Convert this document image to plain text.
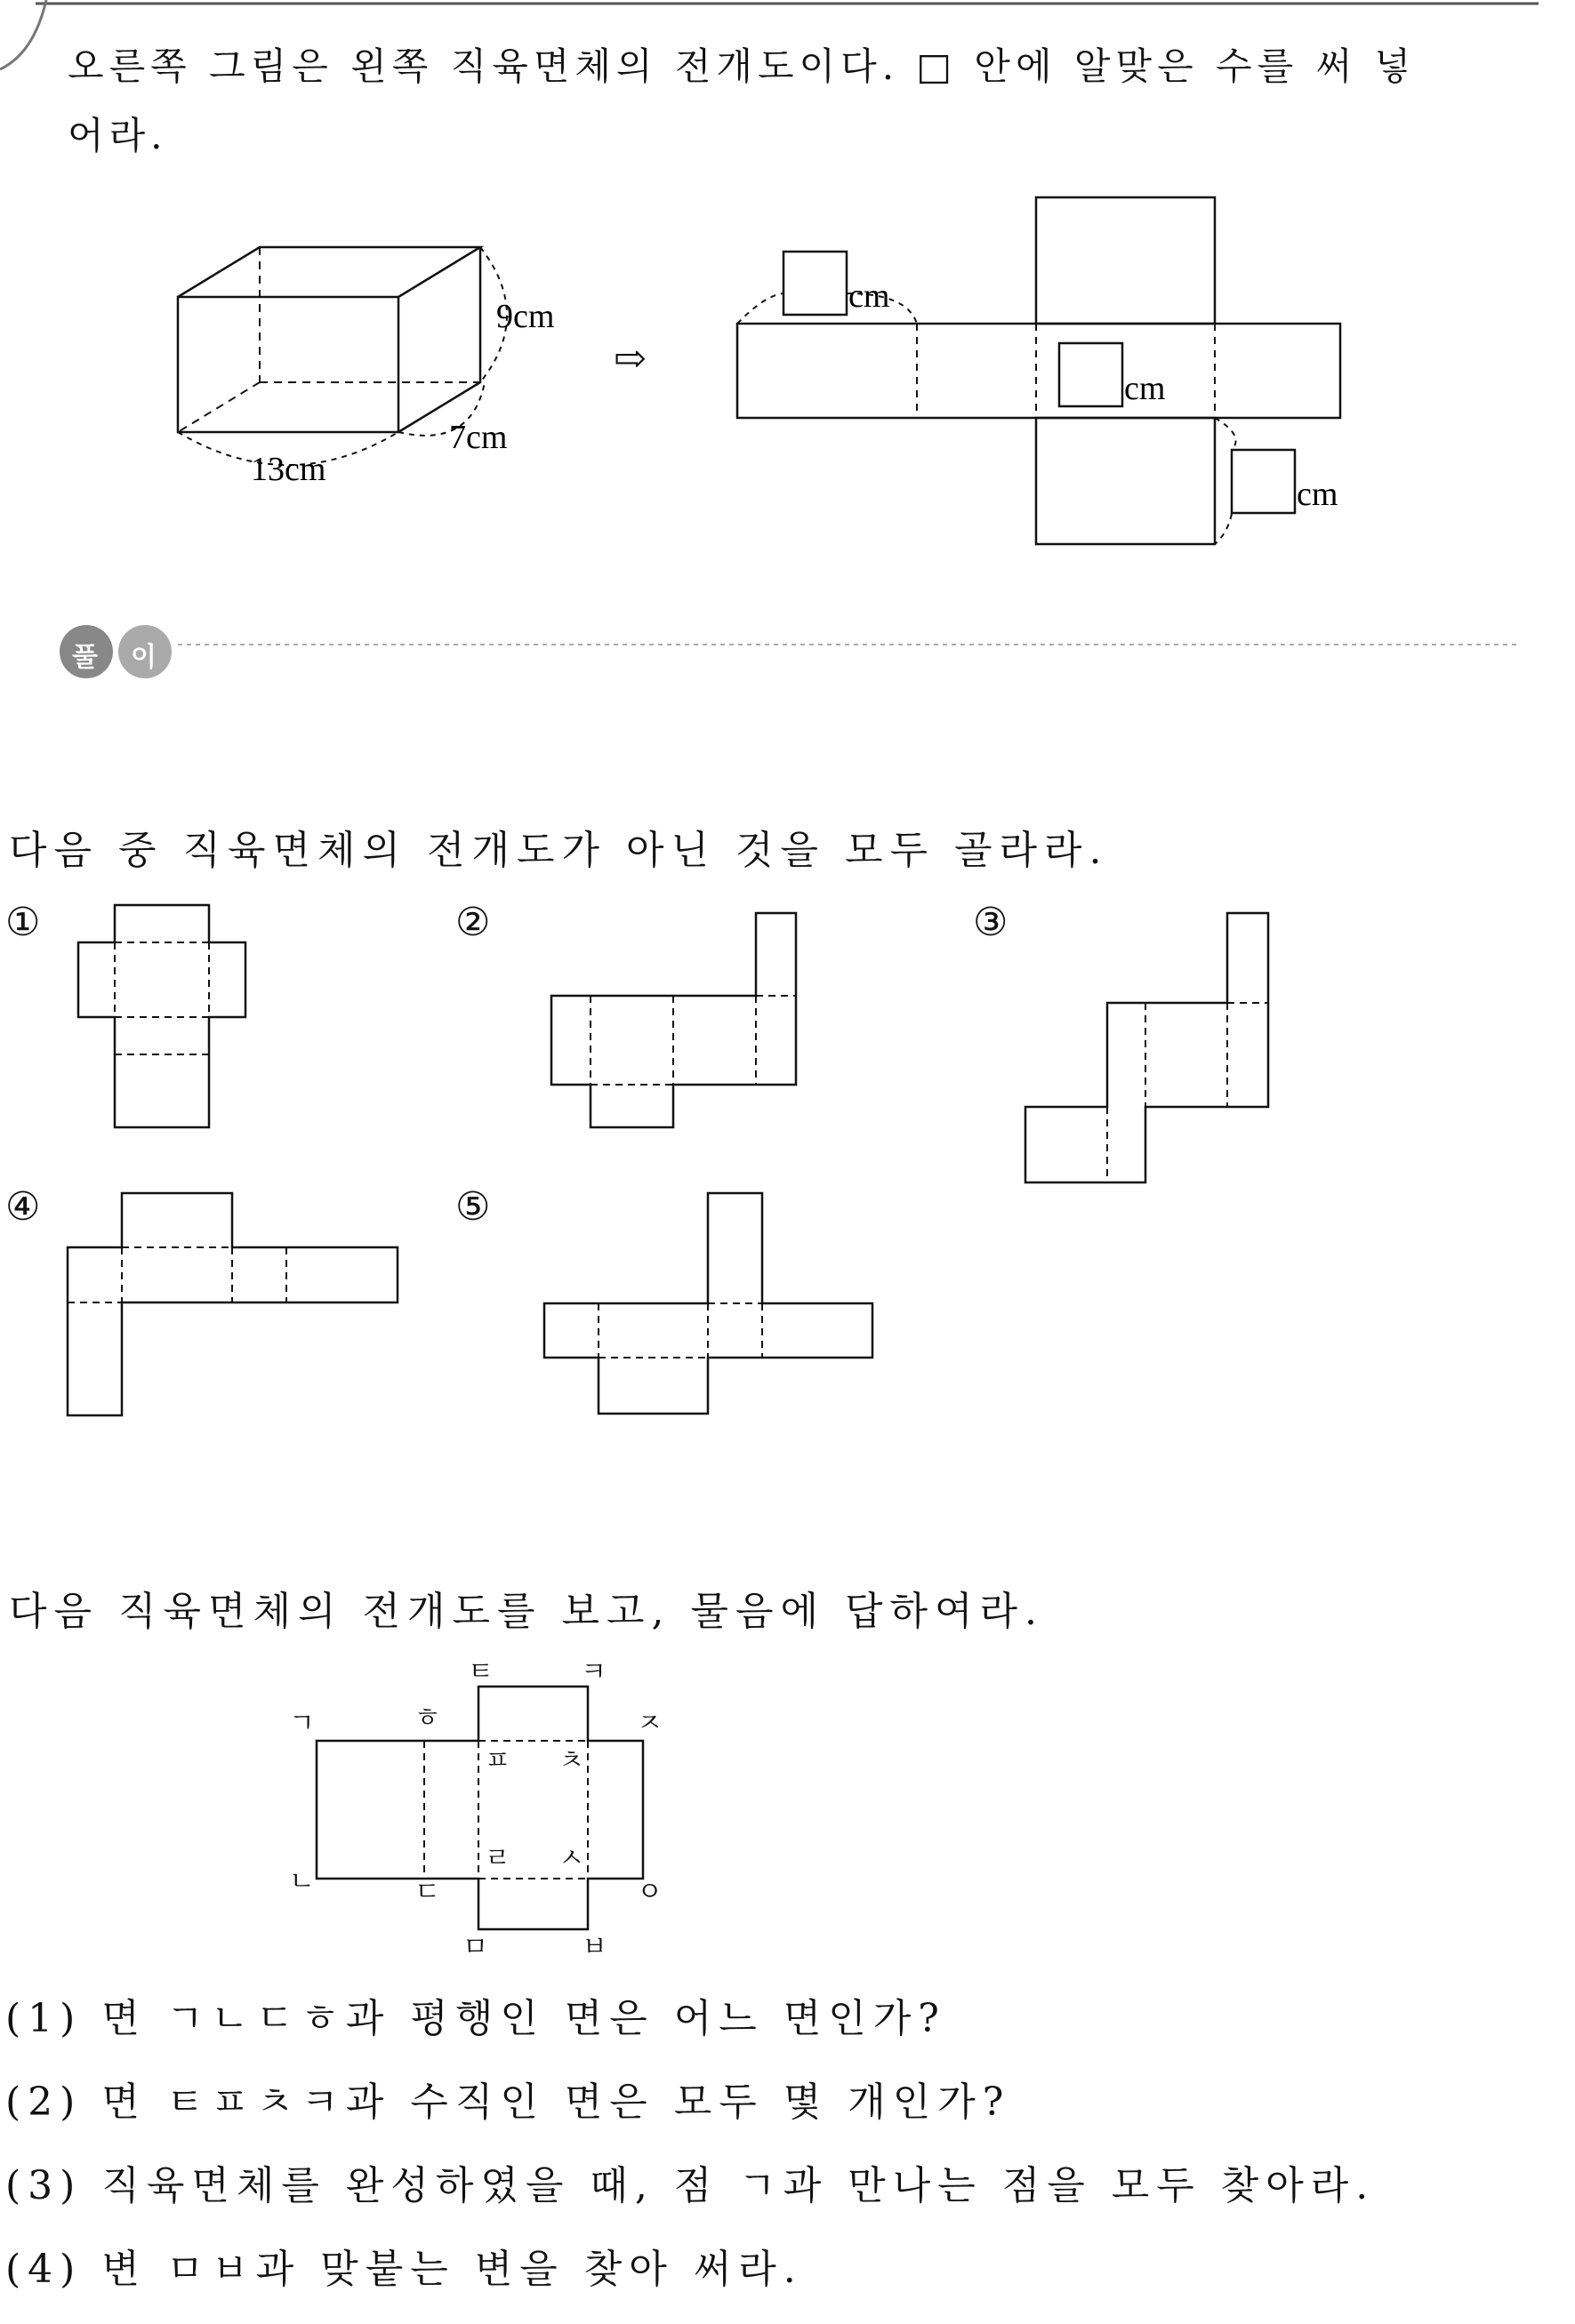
오른쪽 그림은 왼쪽 직육면체의 전개도이다. □ 안에 알맞은 수를 써 넣
어라.
9cm
13cm
7cm
⇨
cm
cm
cm
풀 이
다음 중 직육면체의 전개도가 아닌 것을 모두 골라라.
①	②	③
④	⑤
다음 직육면체의 전개도를 보고, 물음에 답하여라.
ㄱ	ㅎ
ㅌ	ㅋ
ㅈ
ㅍ ㅊ
ㄹ ㅅ
ㄴ	ㄷ	ㅇ
ㅁ	ㅂ
(1) 면 ㄱㄴㄷㅎ과 평행인 면은 어느 면인가?
(2) 면 ㅌㅍㅊㅋ과 수직인 면은 모두 몇 개인가?
(3) 직육면체를 완성하였을 때, 점 ㄱ과 만나는 점을 모두 찾아라.
(4) 변 ㅁㅂ과 맞붙는 변을 찾아 써라.
